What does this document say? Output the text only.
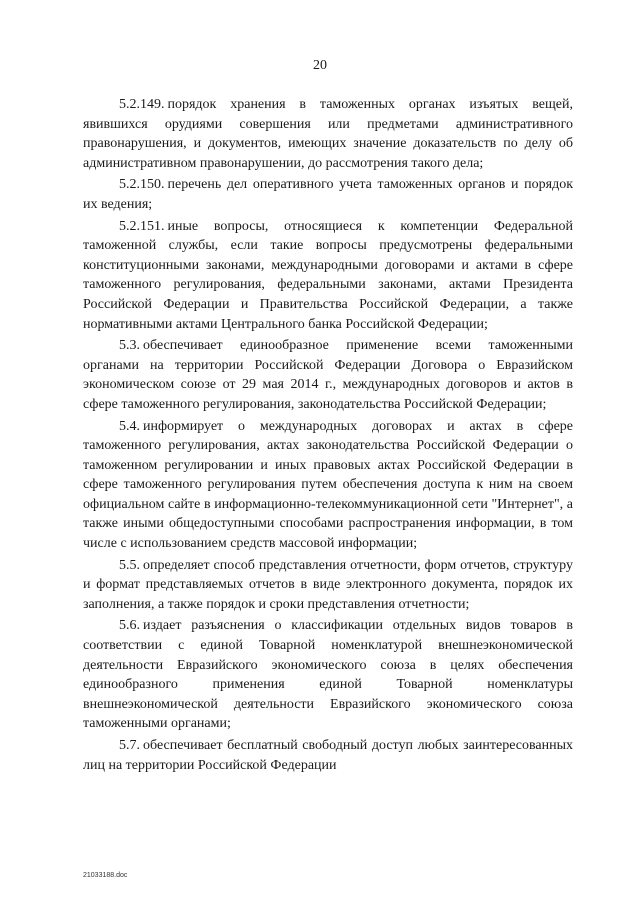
20

5.2.149. порядок хранения в таможенных органах изъятых вещей, явившихся орудиями совершения или предметами административного правонарушения, и документов, имеющих значение доказательств по делу об административном правонарушении, до рассмотрения такого дела;

5.2.150. перечень дел оперативного учета таможенных органов и порядок их ведения;

5.2.151. иные вопросы, относящиеся к компетенции Федеральной таможенной службы, если такие вопросы предусмотрены федеральными конституционными законами, международными договорами и актами в сфере таможенного регулирования, федеральными законами, актами Президента Российской Федерации и Правительства Российской Федерации, а также нормативными актами Центрального банка Российской Федерации;

5.3. обеспечивает единообразное применение всеми таможенными органами на территории Российской Федерации Договора о Евразийском экономическом союзе от 29 мая 2014 г., международных договоров и актов в сфере таможенного регулирования, законодательства Российской Федерации;

5.4. информирует о международных договорах и актах в сфере таможенного регулирования, актах законодательства Российской Федерации о таможенном регулировании и иных правовых актах Российской Федерации в сфере таможенного регулирования путем обеспечения доступа к ним на своем официальном сайте в информационно-телекоммуникационной сети "Интернет", а также иными общедоступными способами распространения информации, в том числе с использованием средств массовой информации;

5.5. определяет способ представления отчетности, форм отчетов, структуру и формат представляемых отчетов в виде электронного документа, порядок их заполнения, а также порядок и сроки представления отчетности;

5.6. издает разъяснения о классификации отдельных видов товаров в соответствии с единой Товарной номенклатурой внешнеэкономической деятельности Евразийского экономического союза в целях обеспечения единообразного применения единой Товарной номенклатуры внешнеэкономической деятельности Евразийского экономического союза таможенными органами;

5.7. обеспечивает бесплатный свободный доступ любых заинтересованных лиц на территории Российской Федерации

21033188.doc
